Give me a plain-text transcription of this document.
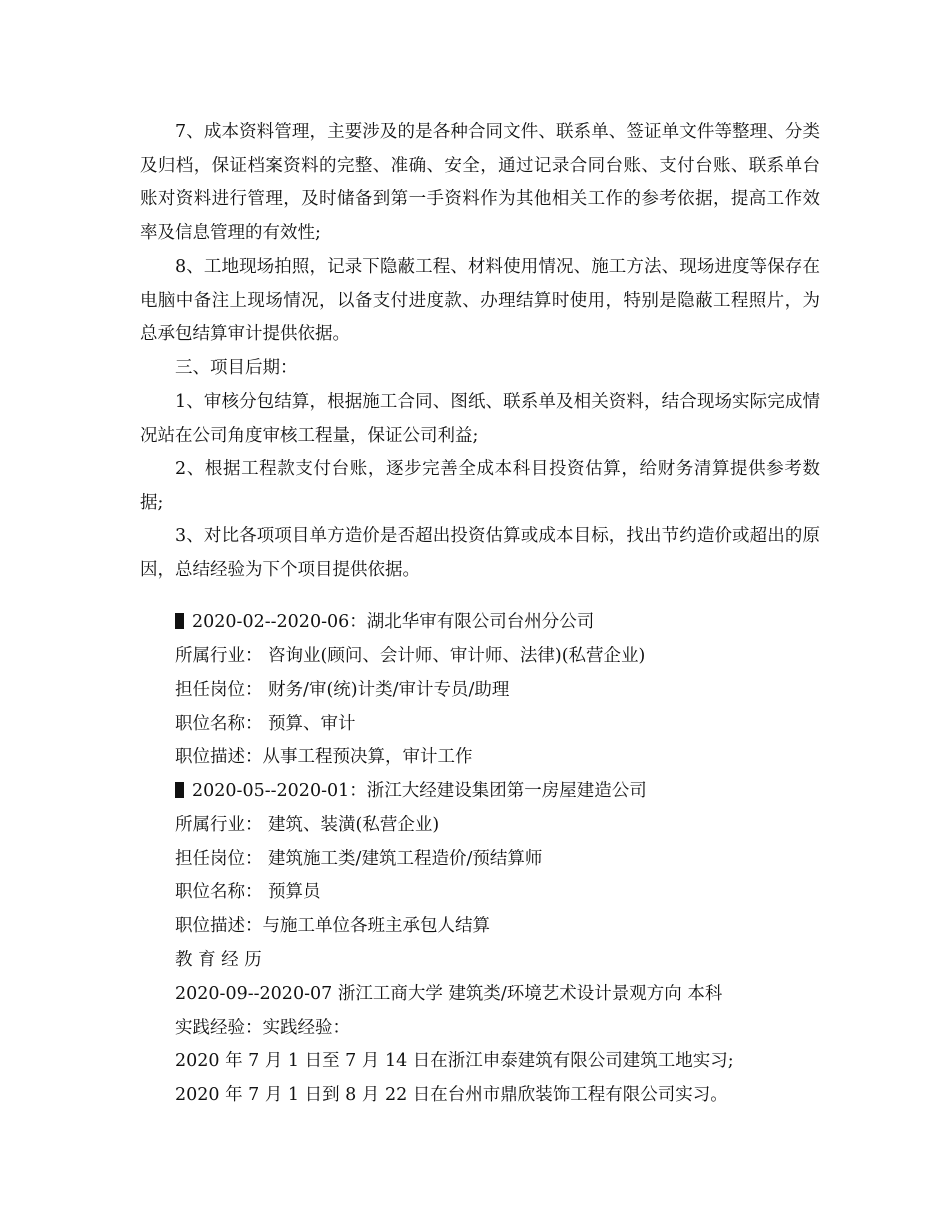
7、成本资料管理，主要涉及的是各种合同文件、联系单、签证单文件等整理、分类及归档，保证档案资料的完整、准确、安全，通过记录合同台账、支付台账、联系单台账对资料进行管理，及时储备到第一手资料作为其他相关工作的参考依据，提高工作效率及信息管理的有效性;

8、工地现场拍照，记录下隐蔽工程、材料使用情况、施工方法、现场进度等保存在电脑中备注上现场情况，以备支付进度款、办理结算时使用，特别是隐蔽工程照片，为总承包结算审计提供依据。

三、项目后期：

1、审核分包结算，根据施工合同、图纸、联系单及相关资料，结合现场实际完成情况站在公司角度审核工程量，保证公司利益;

2、根据工程款支付台账，逐步完善全成本科目投资估算，给财务清算提供参考数据;

3、对比各项项目单方造价是否超出投资估算或成本目标，找出节约造价或超出的原因，总结经验为下个项目提供依据。

2020-02--2020-06：湖北华审有限公司台州分公司
所属行业： 咨询业(顾问、会计师、审计师、法律)(私营企业)
担任岗位： 财务/审(统)计类/审计专员/助理
职位名称： 预算、审计
职位描述：从事工程预决算，审计工作
2020-05--2020-01：浙江大经建设集团第一房屋建造公司
所属行业： 建筑、装潢(私营企业)
担任岗位： 建筑施工类/建筑工程造价/预结算师
职位名称： 预算员
职位描述：与施工单位各班主承包人结算
教 育 经 历
2020-09--2020-07 浙江工商大学 建筑类/环境艺术设计景观方向 本科
实践经验：实践经验：
2020 年 7 月 1 日至 7 月 14 日在浙江申泰建筑有限公司建筑工地实习;
2020 年 7 月 1 日到 8 月 22 日在台州市鼎欣装饰工程有限公司实习。
